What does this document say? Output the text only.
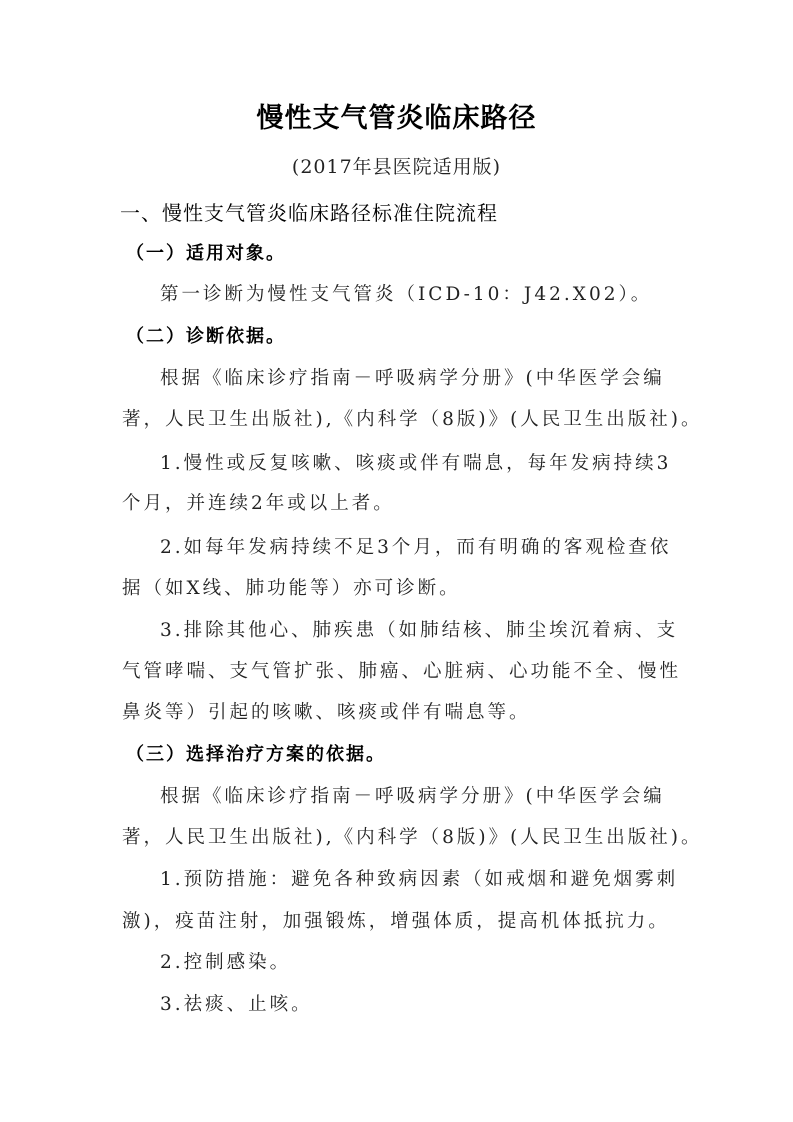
慢性支气管炎临床路径
(2017年县医院适用版)
一、慢性支气管炎临床路径标准住院流程
（一）适用对象。
第一诊断为慢性支气管炎（ICD-10：J42.X02）。
（二）诊断依据。
根据《临床诊疗指南－呼吸病学分册》(中华医学会编
著，人民卫生出版社),《内科学（8版)》(人民卫生出版社)。
1.慢性或反复咳嗽、咳痰或伴有喘息，每年发病持续3
个月，并连续2年或以上者。
2.如每年发病持续不足3个月，而有明确的客观检查依
据（如X线、肺功能等）亦可诊断。
3.排除其他心、肺疾患（如肺结核、肺尘埃沉着病、支
气管哮喘、支气管扩张、肺癌、心脏病、心功能不全、慢性
鼻炎等）引起的咳嗽、咳痰或伴有喘息等。
（三）选择治疗方案的依据。
根据《临床诊疗指南－呼吸病学分册》(中华医学会编
著，人民卫生出版社),《内科学（8版)》(人民卫生出版社)。
1.预防措施：避免各种致病因素（如戒烟和避免烟雾刺
激)，疫苗注射，加强锻炼，增强体质，提高机体抵抗力。
2.控制感染。
3.祛痰、止咳。
